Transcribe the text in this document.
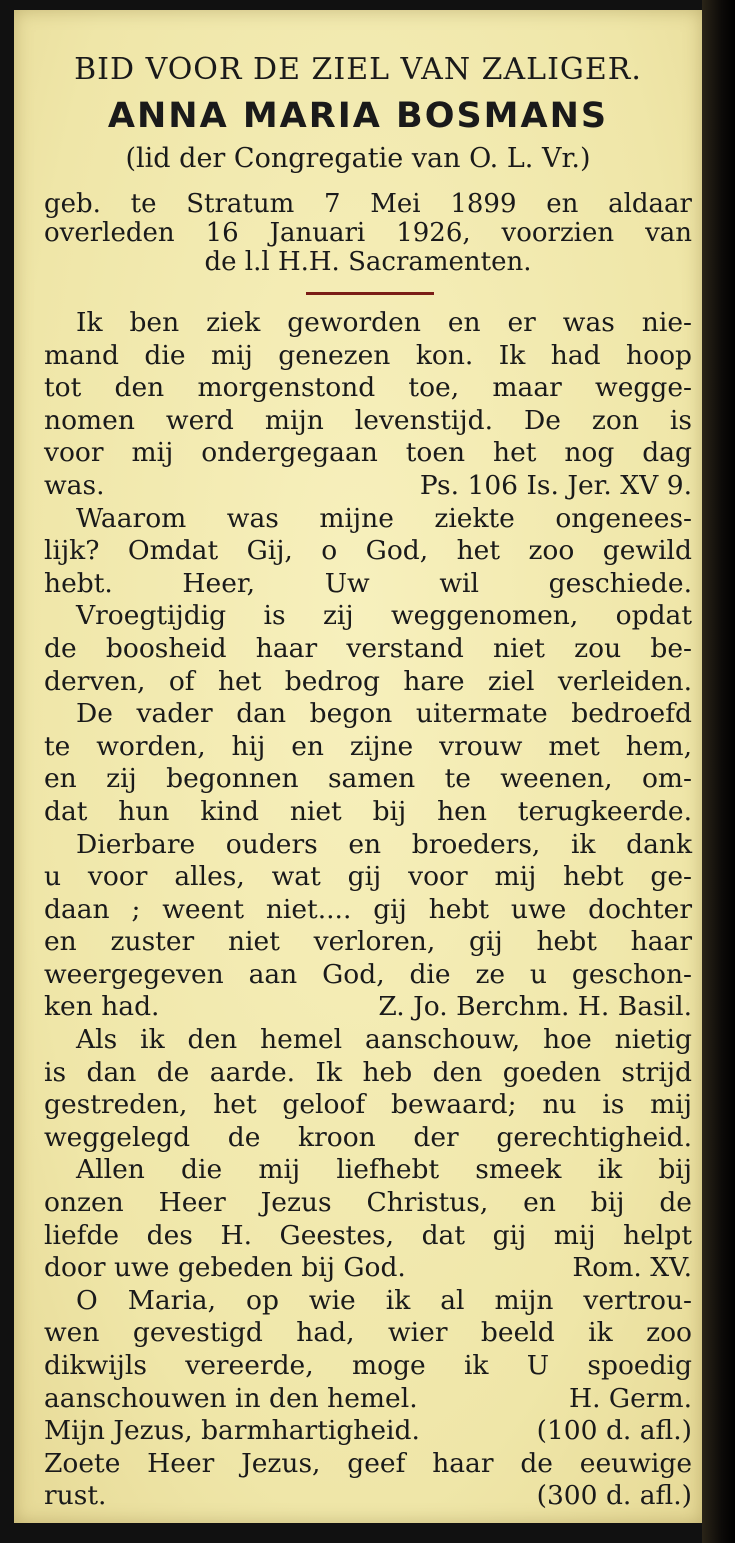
BID VOOR DE ZIEL VAN ZALIGER.
ANNA MARIA BOSMANS
(lid der Congregatie van O. L. Vr.)
geb. te Stratum 7 Mei 1899 en aldaar
overleden 16 Januari 1926, voorzien van
de l.l H.H. Sacramenten.
Ik ben ziek geworden en er was nie-
mand die mij genezen kon. Ik had hoop
tot den morgenstond toe, maar wegge-
nomen werd mijn levenstijd. De zon is
voor mij ondergegaan toen het nog dag
was.	Ps. 106 Is. Jer. XV 9.
Waarom was mijne ziekte ongenees-
lijk? Omdat Gij, o God, het zoo gewild
hebt. Heer, Uw wil geschiede.
Vroegtijdig is zij weggenomen, opdat
de boosheid haar verstand niet zou be-
derven, of het bedrog hare ziel verleiden.
De vader dan begon uitermate bedroefd
te worden, hij en zijne vrouw met hem,
en zij begonnen samen te weenen, om-
dat hun kind niet bij hen terugkeerde.
Dierbare ouders en broeders, ik dank
u voor alles, wat gij voor mij hebt ge-
daan ; weent niet.... gij hebt uwe dochter
en zuster niet verloren, gij hebt haar
weergegeven aan God, die ze u geschon-
ken had.	Z. Jo. Berchm. H. Basil.
Als ik den hemel aanschouw, hoe nietig
is dan de aarde. Ik heb den goeden strijd
gestreden, het geloof bewaard; nu is mij
weggelegd de kroon der gerechtigheid.
Allen die mij liefhebt smeek ik bij
onzen Heer Jezus Christus, en bij de
liefde des H. Geestes, dat gij mij helpt
door uwe gebeden bij God.	Rom. XV.
O Maria, op wie ik al mijn vertrou-
wen gevestigd had, wier beeld ik zoo
dikwijls vereerde, moge ik U spoedig
aanschouwen in den hemel.	H. Germ.
Mijn Jezus, barmhartigheid.	(100 d. afl.)
Zoete Heer Jezus, geef haar de eeuwige
rust.	(300 d. afl.)
